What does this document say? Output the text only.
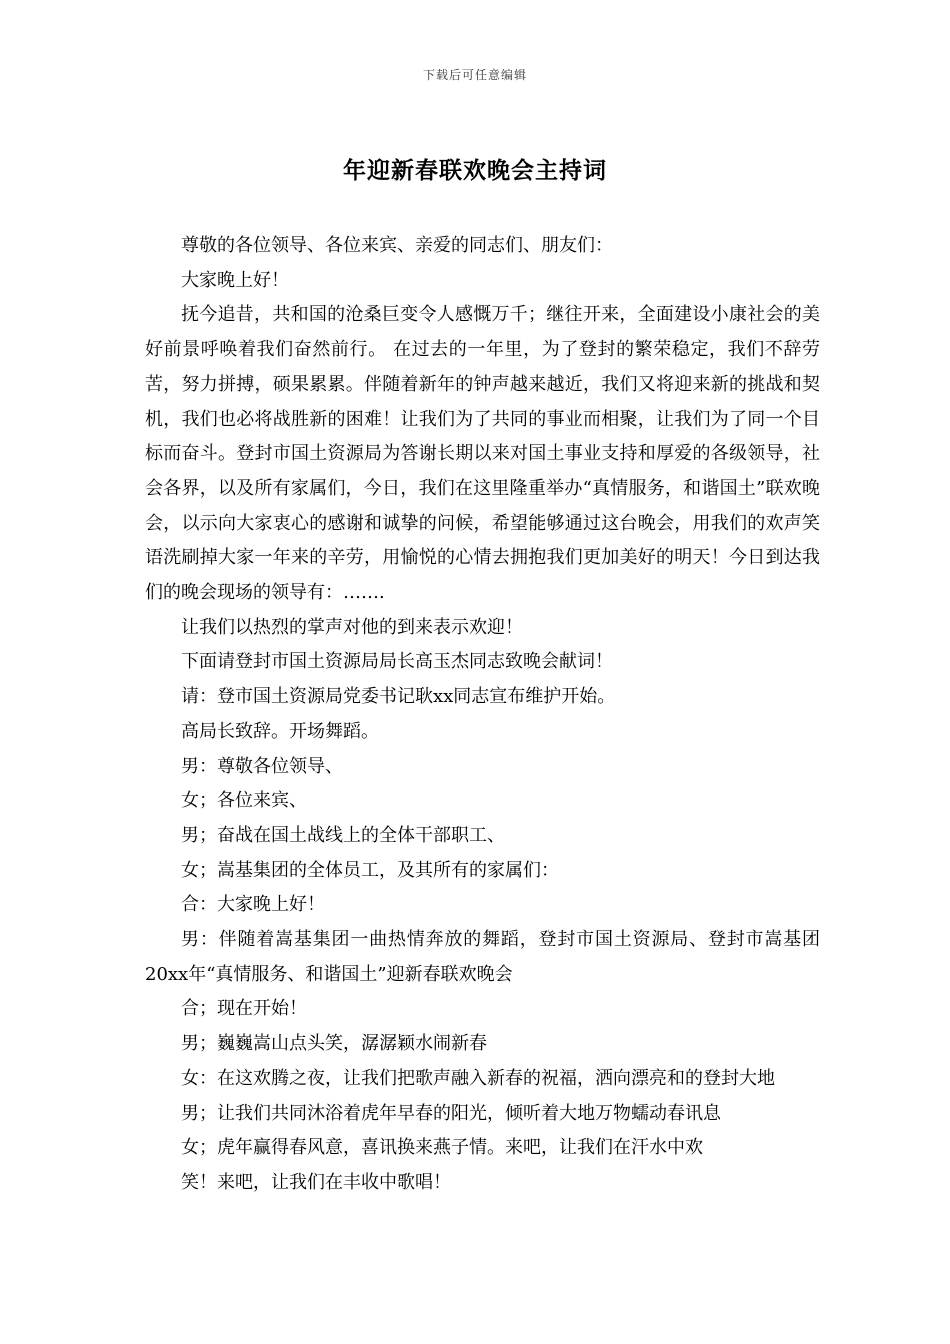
下载后可任意编辑
年迎新春联欢晚会主持词

尊敬的各位领导、各位来宾、亲爱的同志们、朋友们：

大家晚上好！

抚今追昔，共和国的沧桑巨变令人感慨万千；继往开来，全面建设小康社会的美好前景呼唤着我们奋然前行。 在过去的一年里，为了登封的繁荣稳定，我们不辞劳苦，努力拼搏，硕果累累。伴随着新年的钟声越来越近，我们又将迎来新的挑战和契机，我们也必将战胜新的困难！让我们为了共同的事业而相聚，让我们为了同一个目标而奋斗。登封市国土资源局为答谢长期以来对国土事业支持和厚爱的各级领导，社会各界，以及所有家属们，今日，我们在这里隆重举办“真情服务，和谐国土”联欢晚会，以示向大家衷心的感谢和诚挚的问候，希望能够通过这台晚会，用我们的欢声笑语洗刷掉大家一年来的辛劳，用愉悦的心情去拥抱我们更加美好的明天！今日到达我们的晚会现场的领导有：…….

让我们以热烈的掌声对他的到来表示欢迎！

下面请登封市国土资源局局长高玉杰同志致晚会献词！

请：登市国土资源局党委书记耿xx同志宣布维护开始。

高局长致辞。开场舞蹈。

男：尊敬各位领导、

女；各位来宾、

男；奋战在国土战线上的全体干部职工、

女；嵩基集团的全体员工，及其所有的家属们：

合：大家晚上好！

男：伴随着嵩基集团一曲热情奔放的舞蹈，登封市国土资源局、登封市嵩基团20xx年“真情服务、和谐国土”迎新春联欢晚会

合；现在开始！

男；巍巍嵩山点头笑，潺潺颖水闹新春

女：在这欢腾之夜，让我们把歌声融入新春的祝福，洒向漂亮和的登封大地

男；让我们共同沐浴着虎年早春的阳光，倾听着大地万物蠕动春讯息

女；虎年赢得春风意，喜讯换来燕子情。来吧，让我们在汗水中欢

笑！来吧，让我们在丰收中歌唱！
